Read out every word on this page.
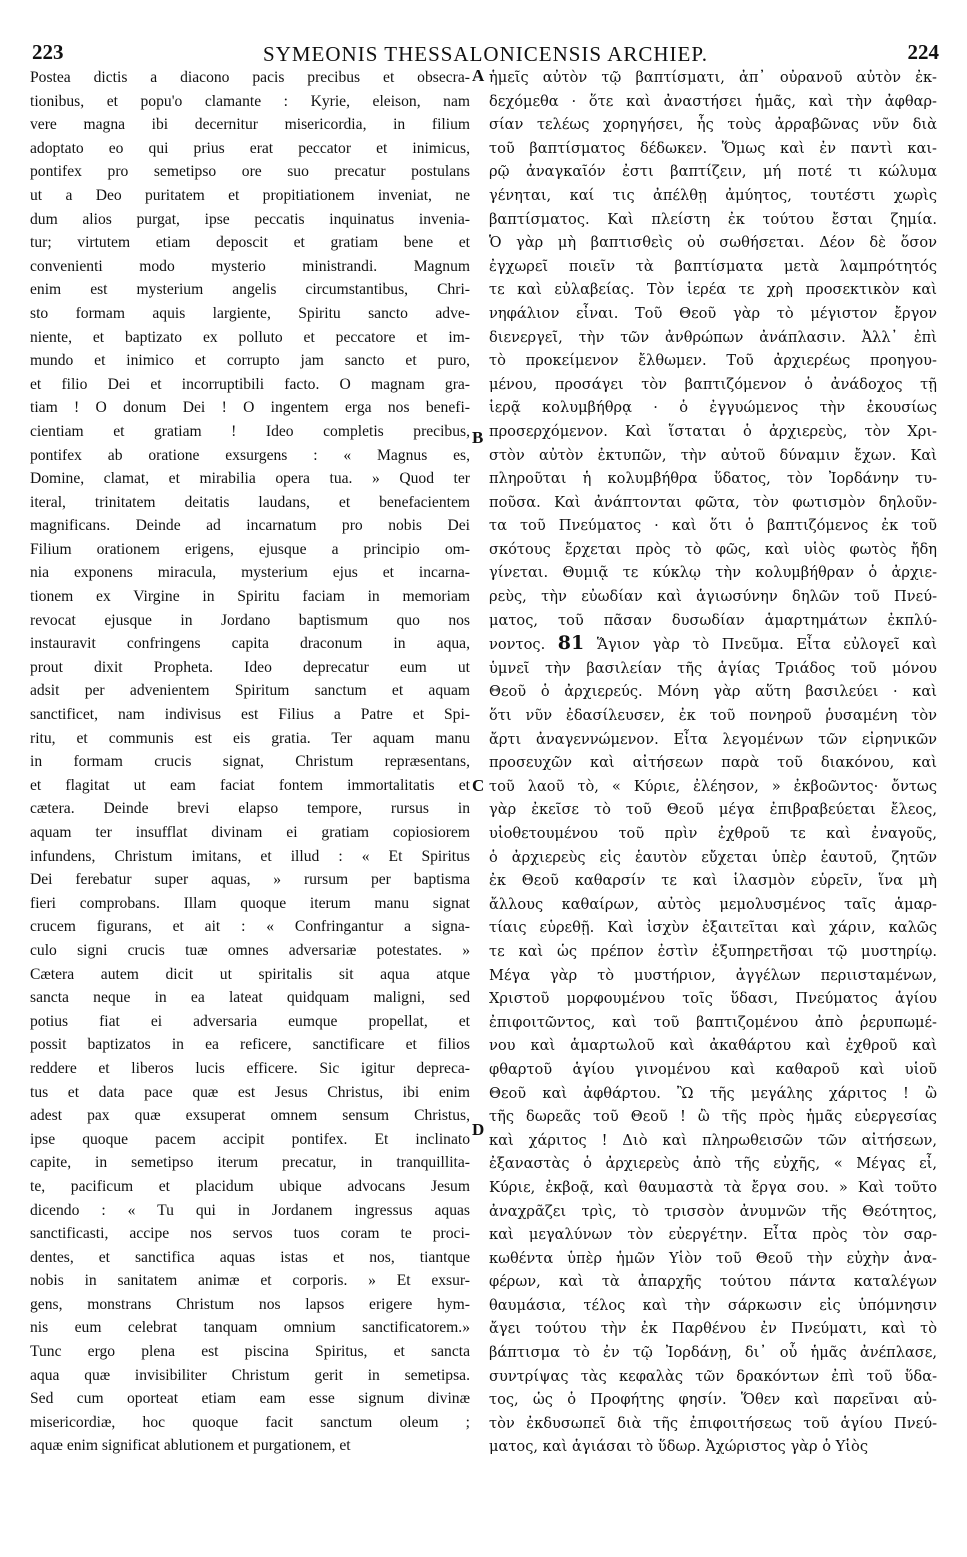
223	SYMEONIS THESSALONICENSIS ARCHIEP.	224
Postea dictis a diacono pacis precibus et obsecra-
tionibus, et popu'o clamante : Kyrie, eleison, nam
vere magna ibi decernitur misericordia, in filium
adoptato eo qui prius erat peccator et inimicus,
pontifex pro semetipso ore suo precatur postulans
ut a Deo puritatem et propitiationem inveniat, ne
dum alios purgat, ipse peccatis inquinatus invenia-
tur; virtutem etiam deposcit et gratiam bene et
convenienti modo mysterio ministrandi. Magnum
enim est mysterium angelis circumstantibus, Chri-
sto formam aquis largiente, Spiritu sancto adve-
niente, et baptizato ex polluto et peccatore et im-
mundo et inimico et corrupto jam sancto et puro,
et filio Dei et incorruptibili facto. O magnam gra-
tiam ! O donum Dei ! O ingentem erga nos benefi-
cientiam et gratiam ! Ideo completis precibus,
pontifex ab oratione exsurgens : « Magnus es,
Domine, clamat, et mirabilia opera tua. » Quod ter
iteral, trinitatem deitatis laudans, et benefacientem
magnificans. Deinde ad incarnatum pro nobis Dei
Filium orationem erigens, ejusque a principio om-
nia exponens miracula, mysterium ejus et incarna-
tionem ex Virgine in Spiritu faciam in memoriam
revocat ejusque in Jordano baptismum quo nos
instauravit confringens capita draconum in aqua,
prout dixit Propheta. Ideo deprecatur eum ut
adsit per advenientem Spiritum sanctum et aquam
sanctificet, nam indivisus est Filius a Patre et Spi-
ritu, et communis est eis gratia. Ter aquam manu
in formam crucis signat, Christum repræsentans,
et flagitat ut eam faciat fontem immortalitatis et
cætera. Deinde brevi elapso tempore, rursus in
aquam ter insufflat divinam ei gratiam copiosiorem
infundens, Christum imitans, et illud : « Et Spiritus
Dei ferebatur super aquas, » rursum per baptisma
fieri comprobans. Illam quoque iterum manu signat
crucem figurans, et ait : « Confringantur a signa-
culo signi crucis tuæ omnes adversariæ potestates. »
Cætera autem dicit ut spiritalis sit aqua atque
sancta neque in ea lateat quidquam maligni, sed
potius fiat ei adversaria eumque propellat, et
possit baptizatos in ea reficere, sanctificare et filios
reddere et liberos lucis efficere. Sic igitur depreca-
tus et data pace quæ est Jesus Christus, ibi enim
adest pax quæ exsuperat omnem sensum Christus,
ipse quoque pacem accipit pontifex. Et inclinato
capite, in semetipso iterum precatur, in tranquillita-
te, pacificum et placidum ubique advocans Jesum
dicendo : « Tu qui in Jordanem ingressus aquas
sanctificasti, accipe nos servos tuos coram te proci-
dentes, et sanctifica aquas istas et nos, tiantque
nobis in sanitatem animæ et corporis. » Et exsur-
gens, monstrans Christum nos lapsos erigere hym-
nis eum celebrat tanquam omnium sanctificatorem.»
Tunc ergo plena est piscina Spiritus, et sancta
aqua quæ invisibiliter Christum gerit in semetipsa.
Sed cum oporteat etiam eam esse signum divinæ
misericordiæ, hoc quoque facit sanctum oleum ;
aquæ enim significat ablutionem et purgationem, et
ἡμεῖς αὐτὸν τῷ βαπτίσματι, ἀπ᾽ οὐρανοῦ αὐτὸν ἐκ-
δεχόμεθα · ὅτε καὶ ἀναστήσει ἡμᾶς, καὶ τὴν ἀφθαρ-
σίαν τελέως χορηγήσει, ἧς τοὺς ἀρραβῶνας νῦν διὰ
τοῦ βαπτίσματος δέδωκεν. Ὅμως καὶ ἐν παντὶ και-
ρῷ ἀναγκαῖόν ἐστι βαπτίζειν, μή ποτέ τι κώλυμα
γένηται, καί τις ἀπέλθῃ ἀμύητος, τουτέστι χωρὶς
βαπτίσματος. Καὶ πλείστη ἐκ τούτου ἔσται ζημία.
Ὁ γὰρ μὴ βαπτισθεὶς οὐ σωθήσεται. Δέον δὲ ὅσον
ἐγχωρεῖ ποιεῖν τὰ βαπτίσματα μετὰ λαμπρότητός
τε καὶ εὐλαβείας. Τὸν ἱερέα τε χρὴ προσεκτικὸν καὶ
νηφάλιον εἶναι. Τοῦ Θεοῦ γὰρ τὸ μέγιστον ἔργον
διενεργεῖ, τὴν τῶν ἀνθρώπων ἀνάπλασιν. Ἀλλ᾽ ἐπὶ
τὸ προκείμενον ἔλθωμεν. Τοῦ ἀρχιερέως προηγου-
μένου, προσάγει τὸν βαπτιζόμενον ὁ ἀνάδοχος τῇ
ἱερᾷ κολυμβήθρᾳ · ὁ ἐγγυώμενος τὴν ἐκουσίως
προσερχόμενον. Καὶ ἵσταται ὁ ἀρχιερεὺς, τὸν Χρι-
στὸν αὐτὸν ἐκτυπῶν, τὴν αὐτοῦ δύναμιν ἔχων. Καὶ
πληροῦται ἡ κολυμβήθρα ὕδατος, τὸν Ἰορδάνην τυ-
ποῦσα. Καὶ ἀνάπτονται φῶτα, τὸν φωτισμὸν δηλοῦν-
τα τοῦ Πνεύματος · καὶ ὅτι ὁ βαπτιζόμενος ἐκ τοῦ
σκότους ἔρχεται πρὸς τὸ φῶς, καὶ υἱὸς φωτὸς ἤδη
γίνεται. Θυμιᾷ τε κύκλῳ τὴν κολυμβήθραν ὁ ἀρχιε-
ρεὺς, τὴν εὐωδίαν καὶ ἁγιωσύνην δηλῶν τοῦ Πνεύ-
ματος, τοῦ πᾶσαν δυσωδίαν ἁμαρτημάτων ἐκπλύ-
νοντος. 81 Ἅγιον γὰρ τὸ Πνεῦμα. Εἶτα εὐλογεῖ καὶ
ὑμνεῖ τὴν βασιλείαν τῆς ἁγίας Τριάδος τοῦ μόνου
Θεοῦ ὁ ἀρχιερεύς. Μόνη γὰρ αὕτη βασιλεύει · καὶ
ὅτι νῦν ἐδασίλευσεν, ἐκ τοῦ πονηροῦ ῥυσαμένη τὸν
ἄρτι ἀναγεννώμενον. Εἶτα λεγομένων τῶν εἰρηνικῶν
προσευχῶν καὶ αἰτήσεων παρὰ τοῦ διακόνου, καὶ
τοῦ λαοῦ τὸ, « Κύριε, ἐλέησον, » ἐκβοῶντος· ὄντως
γὰρ ἐκεῖσε τὸ τοῦ Θεοῦ μέγα ἐπιβραβεύεται ἔλεος,
υἱοθετουμένου τοῦ πρὶν ἐχθροῦ τε καὶ ἐναγοῦς,
ὁ ἀρχιερεὺς εἰς ἑαυτὸν εὔχεται ὑπὲρ ἑαυτοῦ, ζητῶν
ἐκ Θεοῦ καθαρσίν τε καὶ ἱλασμὸν εὑρεῖν, ἵνα μὴ
ἄλλους καθαίρων, αὐτὸς μεμολυσμένος ταῖς ἁμαρ-
τίαις εὑρεθῇ. Καὶ ἰσχὺν ἐξαιτεῖται καὶ χάριν, καλῶς
τε καὶ ὡς πρέπον ἐστὶν ἐξυπηρετῆσαι τῷ μυστηρίῳ.
Μέγα γὰρ τὸ μυστήριον, ἀγγέλων περιισταμένων,
Χριστοῦ μορφουμένου τοῖς ὕδασι, Πνεύματος ἁγίου
ἐπιφοιτῶντος, καὶ τοῦ βαπτιζομένου ἀπὸ ῥερυπωμέ-
νου καὶ ἁμαρτωλοῦ καὶ ἀκαθάρτου καὶ ἐχθροῦ καὶ
φθαρτοῦ ἁγίου γινομένου καὶ καθαροῦ καὶ υἱοῦ
Θεοῦ καὶ ἀφθάρτου. Ὢ τῆς μεγάλης χάριτος ! ὢ
τῆς δωρεᾶς τοῦ Θεοῦ ! ὢ τῆς πρὸς ἡμᾶς εὐεργεσίας
καὶ χάριτος ! Διὸ καὶ πληρωθεισῶν τῶν αἰτήσεων,
ἐξαναστὰς ὁ ἀρχιερεὺς ἀπὸ τῆς εὐχῆς, « Μέγας εἶ,
Κύριε, ἐκβοᾷ, καὶ θαυμαστὰ τὰ ἔργα σου. » Καὶ τοῦτο
ἀναχρᾶζει τρὶς, τὸ τρισσὸν ἀνυμνῶν τῆς Θεότητος,
καὶ μεγαλύνων τὸν εὐεργέτην. Εἶτα πρὸς τὸν σαρ-
κωθέντα ὑπὲρ ἡμῶν Υἱὸν τοῦ Θεοῦ τὴν εὐχὴν ἀνα-
φέρων, καὶ τὰ ἀπαρχῆς τούτου πάντα καταλέγων
θαυμάσια, τέλος καὶ τὴν σάρκωσιν εἰς ὑπόμνησιν
ἄγει τούτου τὴν ἐκ Παρθένου ἐν Πνεύματι, καὶ τὸ
βάπτισμα τὸ ἐν τῷ Ἰορδάνῃ, δι᾽ οὗ ἡμᾶς ἀνέπλασε,
συντρίψας τὰς κεφαλὰς τῶν δρακόντων ἐπὶ τοῦ ὕδα-
τος, ὡς ὁ Προφήτης φησίν. Ὅθεν καὶ παρεῖναι αὐ-
τὸν ἐκδυσωπεῖ διὰ τῆς ἐπιφοιτήσεως τοῦ ἁγίου Πνεύ-
ματος, καὶ ἁγιάσαι τὸ ὕδωρ. Ἀχώριστος γὰρ ὁ Υἱὸς
A
B
C
D
